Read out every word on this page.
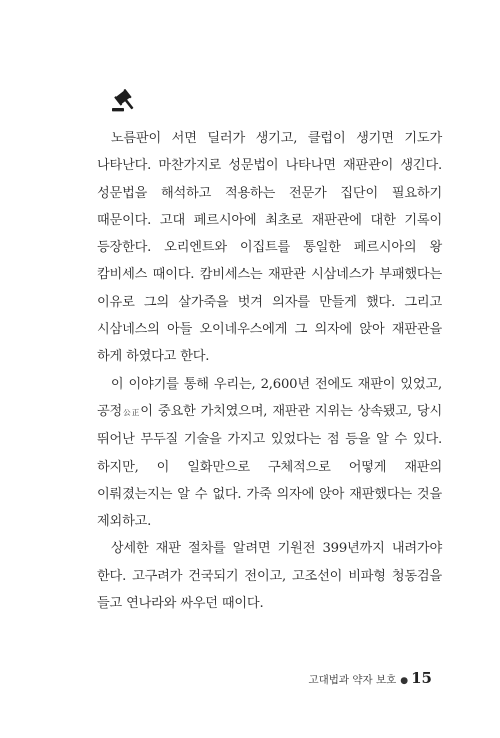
노름판이 서면 딜러가 생기고, 클럽이 생기면 기도가 나타난다. 마찬가지로 성문법이 나타나면 재판관이 생긴다. 성문법을 해석하고 적용하는 전문가 집단이 필요하기 때문이다. 고대 페르시아에 최초로 재판관에 대한 기록이 등장한다. 오리엔트와 이집트를 통일한 페르시아의 왕 캄비세스 때이다. 캄비세스는 재판관 시삼네스가 부패했다는 이유로 그의 살가죽을 벗겨 의자를 만들게 했다. 그리고 시삼네스의 아들 오이네우스에게 그 의자에 앉아 재판관을 하게 하였다고 한다.

이 이야기를 통해 우리는, 2,600년 전에도 재판이 있었고, 공정公正이 중요한 가치였으며, 재판관 지위는 상속됐고, 당시 뛰어난 무두질 기술을 가지고 있었다는 점 등을 알 수 있다. 하지만, 이 일화만으로 구체적으로 어떻게 재판의 이뤄졌는지는 알 수 없다. 가죽 의자에 앉아 재판했다는 것을 제외하고.

상세한 재판 절차를 알려면 기원전 399년까지 내려가야 한다. 고구려가 건국되기 전이고, 고조선이 비파형 청동검을 들고 연나라와 싸우던 때이다.

고대법과 약자 보호 ● 15
